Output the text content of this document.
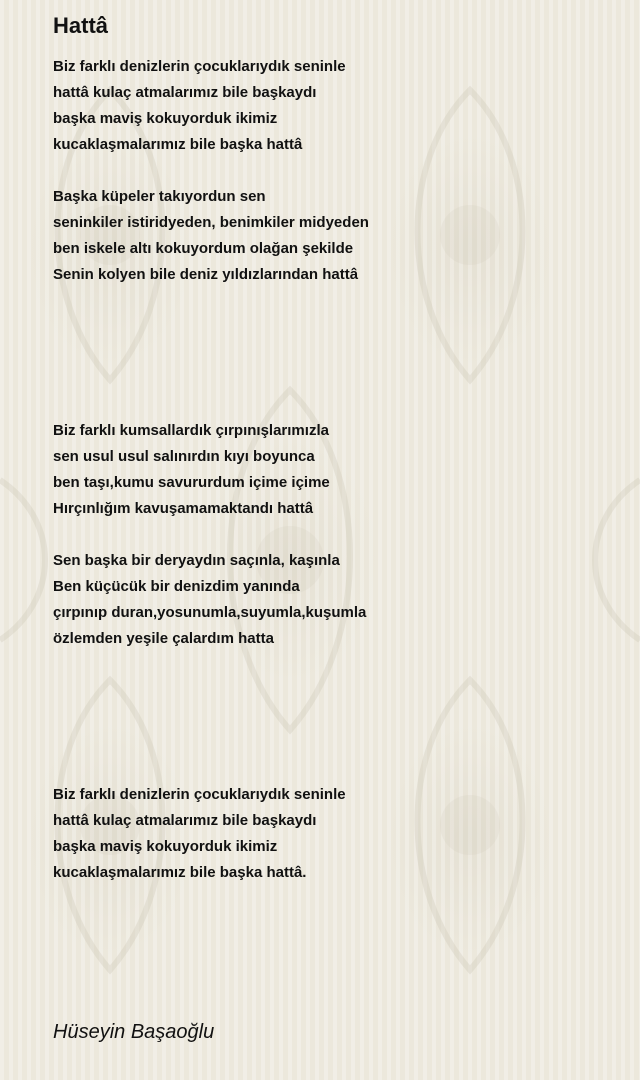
Hattâ
Biz farklı denizlerin çocuklarıydık seninle
hattâ kulaç atmalarımız bile başkaydı
başka maviş kokuyorduk ikimiz
kucaklaşmalarımız bile başka hattâ
Başka küpeler takıyordun sen
seninkiler istiridyeden, benimkiler midyeden
ben iskele altı kokuyordum olağan şekilde
Senin kolyen bile deniz yıldızlarından hattâ
Biz farklı kumsallardık çırpınışlarımızla
sen usul usul salınırdın kıyı boyunca
ben taşı,kumu savururdum içime içime
Hırçınlığım kavuşamamaktandı hattâ
Sen başka bir deryaydın saçınla, kaşınla
Ben küçücük bir denizdim yanında
çırpınıp duran,yosunumla,suyumla,kuşumla
özlemden yeşile çalardım hatta
Biz farklı denizlerin çocuklarıydık seninle
hattâ kulaç atmalarımız bile başkaydı
başka maviş kokuyorduk ikimiz
kucaklaşmalarımız bile başka hattâ.
Hüseyin Başaoğlu
